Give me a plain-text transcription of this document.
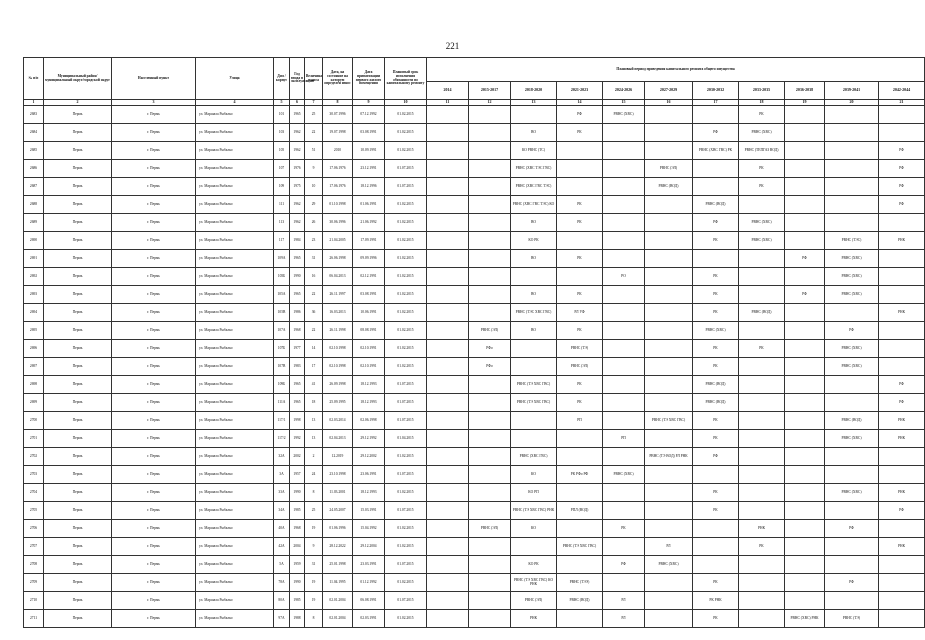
221
№ п/п	Муниципальный район/ муниципальный округ/городской округ	Населенный пункт	Улица	Дом / корпус	Год ввода в эксплуатацию	Величина износа	Дата, на состояние на которую определен износ	Дата приватизации первого жилого помещения	Плановый срок исполнения обязанности по капитальному ремонту	Плановый период проведения капитального ремонта общего имущества										
										2014	2015-2017	2018-2020	2021-2023	2024-2026	2027-2029	2030-2032	2033-2035	2036-2038	2039-2041	2042-2044
1	2	3	4	5	6	7	8	9	10	11	12	13	14	15	16	17	18	19	20	21
2683	Пермь	г. Пермь	ул. Маршала Рыбалко	101	1965	25	30.07.1996	07.12.1992	01.02.2015				РФ	РВНС (ХВС)			РК			
2684	Пермь	г. Пермь	ул. Маршала Рыбалко	103	1962	22	19.07.1998	03.08.1991	01.02.2015			ВО	РК			РФ	РВНС (ХВС)			
2685	Пермь	г. Пермь	ул. Маршала Рыбалко	105	1962	51	2010	10.09.1991	01.02.2015			КО РВНС (ТС)				РВНС (ХВС ГВС) РК	РВНС (ТЕПГАЗ ВОД)			РФ
2686	Пермь	г. Пермь	ул. Маршала Рыбалко	107	1976	9	17.06.1976	23.12.1991	01.07.2015			РВНС (ХВС ТЭС ГВС)			РВНС (ЭЛ)		РК			РФ
2687	Пермь	г. Пермь	ул. Маршала Рыбалко	109	1975	10	17.06.1976	18.12.1996	01.07.2015			РВНС (ХВС ГВС ТЭС)			РВНС (ВОД)		РК			РФ
2688	Пермь	г. Пермь	ул. Маршала Рыбалко	111	1962	29	01.10.1998	01.06.1991	01.02.2015			РВНС (ХВС ГВС ТЭС) КО	РК			РВНС (ВОД)				РФ
2689	Пермь	г. Пермь	ул. Маршала Рыбалко	113	1962	26	30.06.1996	21.06.1992	01.02.2015			ВО	РК			РФ	РВНС (ХВС)			
2690	Пермь	г. Пермь	ул. Маршала Рыбалко	117	1984	23	21.04.2005	17.09.1991	01.02.2015			КО РК				РК	РВНС (ХВС)		РВНС (ТЭС)	РНК
2691	Пермь	г. Пермь	ул. Маршала Рыбалко	109А	1965	31	26.06.1998	09.09.1996	01.02.2015			ВО	РК					РФ	РВНС (ХВС)	
2692	Пермь	г. Пермь	ул. Маршала Рыбалко	105Б	1990	16	06.04.2013	02.12.1991	01.02.2015					РО		РК			РВНС (ХВС)	
2693	Пермь	г. Пермь	ул. Маршала Рыбалко	105А	1965	22	26.11.1997	03.08.1991	01.02.2015			ВО	РК			РК		РФ	РВНС (ХВС)	
2694	Пермь	г. Пермь	ул. Маршала Рыбалко	105В	1986	36	16.03.2013	10.06.1991	01.02.2015			РВНС (ТЭС ХВС ГВС)	РЛ УФ			РК	РВНС (ВОД)			РНК
2695	Пермь	г. Пермь	ул. Маршала Рыбалко	107А	1968	22	26.11.1998	08.08.1991	01.02.2015		РВНС (ЭЛ)	ВО	РК			РВНС (ХВС)			РФ	
2696	Пермь	г. Пермь	ул. Маршала Рыбалко	107Б	1977	14	02.10.1998	02.10.1991	01.02.2015		РФо		РВНС (ТЭ)			РК	РК		РВНС (ХВС)	
2697	Пермь	г. Пермь	ул. Маршала Рыбалко	107В	1983	17	02.10.1998	02.10.1991	01.02.2015		РФо		РВНС (ЭЛ)			РК			РВНС (ХВС)	
2698	Пермь	г. Пермь	ул. Маршала Рыбалко	109Б	1965	41	26.09.1998	18.12.1993	01.07.2015			РВНС (ТЭ ХВС ГВС)	РК			РВНС (ВОД)				РФ
2699	Пермь	г. Пермь	ул. Маршала Рыбалко	111А	1965	18	25.09.1995	18.12.1993	01.07.2015			РВНС (ТЭ ХВС ГВС)	РК			РВНС (ВОД)				РФ
2700	Пермь	г. Пермь	ул. Маршала Рыбалко	117/1	1998	13	02.03.2014	02.06.1998	01.07.2015				РП		РВНС (ТЭ ХВС ГВС)	РК			РВНС (ВОД)	РНК
2701	Пермь	г. Пермь	ул. Маршала Рыбалко	117/2	1992	13	02.04.2013	29.12.1992	01.04.2015					РП		РК			РВНС (ХВС)	РНК
2702	Пермь	г. Пермь	ул. Маршала Рыбалко	32А	2002	2	12.2019	29.12.2002	01.02.2015			РВНС (ХВС ГВС)			РВНС (ТЭ ВОД) РЛ РНК	РФ				
2703	Пермь	г. Пермь	ул. Маршала Рыбалко	3А	1957	24	23.10.1998	23.06.1991	01.07.2015			КО	РК РФо РФ	РВНС (ХВС)						
2704	Пермь	г. Пермь	ул. Маршала Рыбалко	33А	1990	8	11.03.2001	18.12.1993	01.02.2015			КО РП				РК			РВНС (ХВС)	РНК
2705	Пермь	г. Пермь	ул. Маршала Рыбалко	34А	1985	25	24.05.2007	15.03.1991	01.07.2015			РВНС (ТЭ ХВС ГВС) РНК	РПЛ (ВОД)			РК				РФ
2706	Пермь	г. Пермь	ул. Маршала Рыбалко	40А	1968	19	01.06.1996	15.04.1992	01.02.2015		РВНС (ЭЛ)	КО		РК			РНК		РФ	
2707	Пермь	г. Пермь	ул. Маршала Рыбалко	42А	2004	9	28.12.2022	29.12.2004	01.02.2015				РВНС (ТЭ ХВС ГВС)		РЛ		РК			РНК
2708	Пермь	г. Пермь	ул. Маршала Рыбалко	5А	1959	31	25.01.1998	23.03.1991	01.07.2015			КО РК		РФ	РВНС (ХВС)					
2709	Пермь	г. Пермь	ул. Маршала Рыбалко	78А	1990	19	11.04.1995	01.12.1992	01.02.2015			РВНС (ТЭ ХВС ГВС) КО РНК	РВНС (ТЭЭ)			РК			РФ	
2710	Пермь	г. Пермь	ул. Маршала Рыбалко	80А	1985	19	02.01.2004	06.08.1991	01.07.2015			РВНС (ЭЛ)	РВНС (ВОД)	РЛ		РК РНК				
2711	Пермь	г. Пермь	ул. Маршала Рыбалко	97А	1988	8	02.01.2004	02.03.1991	01.02.2015			РНК		РЛ		РК		РВНС (ХВС) РНК	РВНС (ТЭ)	
